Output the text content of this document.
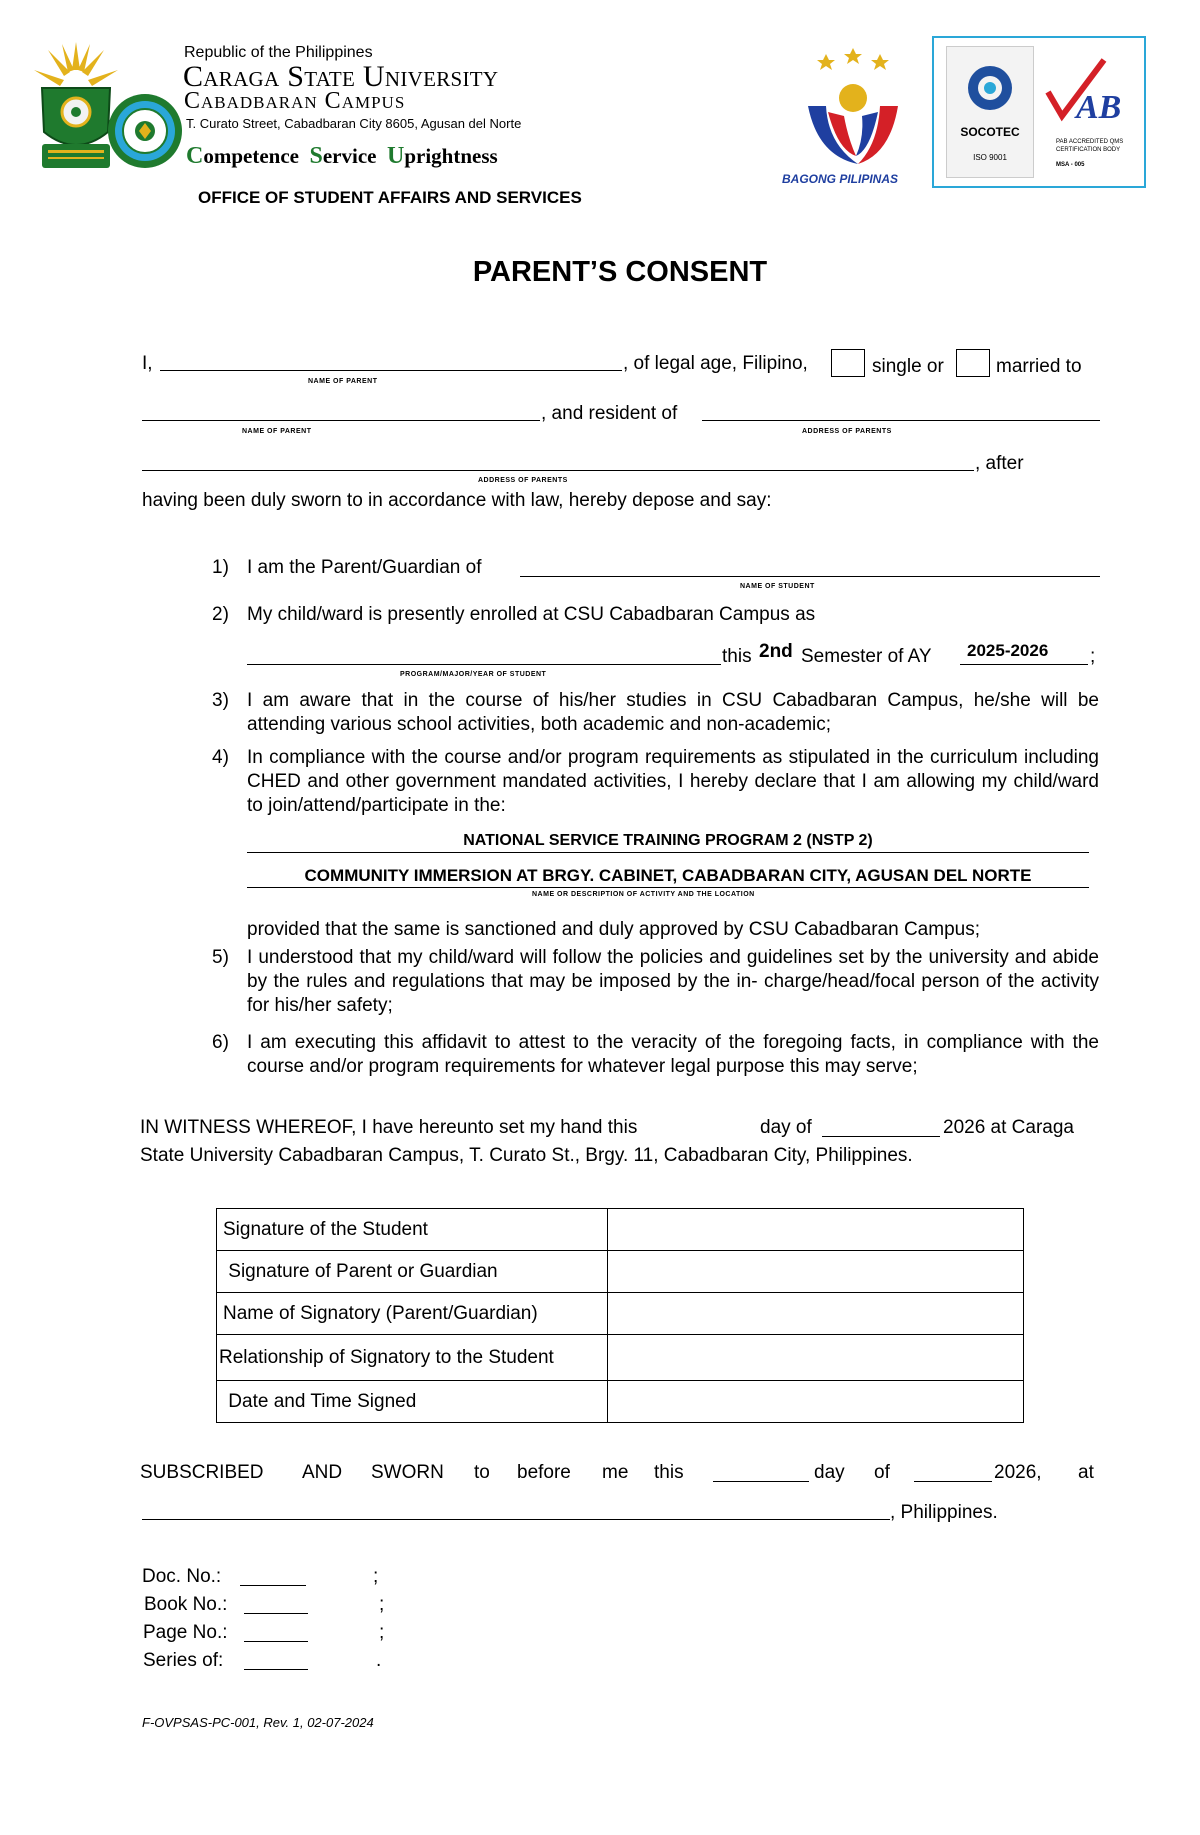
Republic of the Philippines
Caraga State University
Cabadbaran Campus
T. Curato Street, Cabadbaran City 8605, Agusan del Norte
Competence Service Uprightness
OFFICE OF STUDENT AFFAIRS AND SERVICES
BAGONG PILIPINAS
SOCOTEC
ISO 9001
AB
PAB ACCREDITED QMS CERTIFICATION BODY
MSA - 005
PARENT’S CONSENT
I,
NAME OF PARENT
, of legal age, Filipino,	single or	married to
NAME OF PARENT
, and resident of
ADDRESS OF PARENTS
ADDRESS OF PARENTS
, after
having been duly sworn to in accordance with law, hereby depose and say:
1) I am the Parent/Guardian of
NAME OF STUDENT
2) My child/ward is presently enrolled at CSU Cabadbaran Campus as
PROGRAM/MAJOR/YEAR OF STUDENT
this 2nd Semester of AY 2025-2026 ;
3) I am aware that in the course of his/her studies in CSU Cabadbaran Campus, he/she will be attending various school activities, both academic and non-academic;
4) In compliance with the course and/or program requirements as stipulated in the curriculum including CHED and other government mandated activities, I hereby declare that I am allowing my child/ward to join/attend/participate in the:
NATIONAL SERVICE TRAINING PROGRAM 2 (NSTP 2)
COMMUNITY IMMERSION AT BRGY. CABINET, CABADBARAN CITY, AGUSAN DEL NORTE
NAME OR DESCRIPTION OF ACTIVITY AND THE LOCATION
provided that the same is sanctioned and duly approved by CSU Cabadbaran Campus;
5) I understood that my child/ward will follow the policies and guidelines set by the university and abide by the rules and regulations that may be imposed by the in- charge/head/focal person of the activity for his/her safety;
6) I am executing this affidavit to attest to the veracity of the foregoing facts, in compliance with the course and/or program requirements for whatever legal purpose this may serve;
IN WITNESS WHEREOF, I have hereunto set my hand this	day of	2026 at Caraga
State University Cabadbaran Campus, T. Curato St., Brgy. 11, Cabadbaran City, Philippines.
Signature of the Student	
Signature of Parent or Guardian	
Name of Signatory (Parent/Guardian)	
Relationship of Signatory to the Student	
Date and Time Signed	
SUBSCRIBED AND SWORN to before me this	day of	2026, at
, Philippines.
Doc. No.:	;
Book No.:	;
Page No.:	;
Series of:	.
F-OVPSAS-PC-001, Rev. 1, 02-07-2024
